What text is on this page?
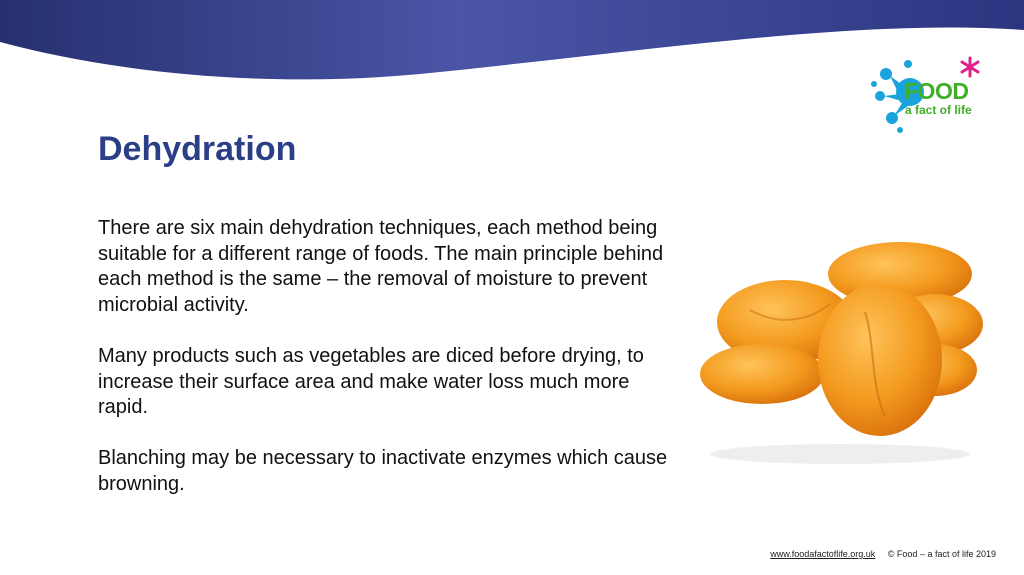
FOOD
a fact of life
Dehydration

There are six main dehydration techniques, each method being suitable for a different range of foods. The main principle behind each method is the same – the removal of moisture to prevent microbial activity.

Many products such as vegetables are diced before drying, to increase their surface area and make water loss much more rapid.

Blanching may be necessary to inactivate enzymes which cause browning.

www.foodafactoflife.org.uk © Food – a fact of life 2019
